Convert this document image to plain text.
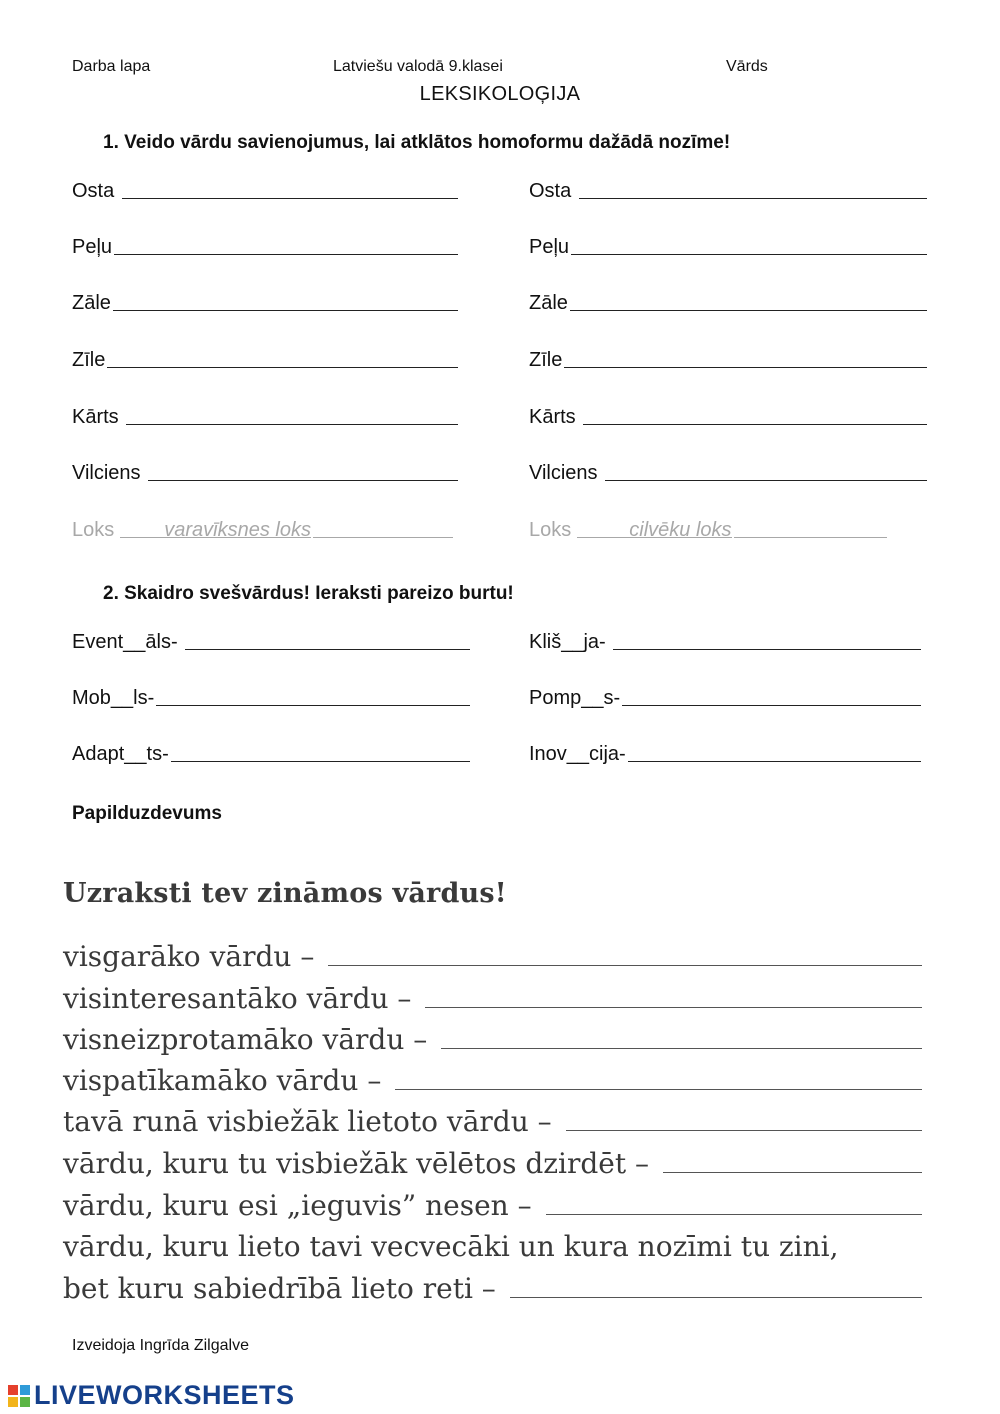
Darba lapa	Latviešu valodā 9.klasei	Vārds
LEKSIKOLOĢIJA
1. Veido vārdu savienojumus, lai atklātos homoformu dažādā nozīme!
Osta	Osta
Peļu	Peļu
Zāle	Zāle
Zīle	Zīle
Kārts	Kārts
Vilciens	Vilciens
Loks	varavīksnes loks	Loks	cilvēku loks
2. Skaidro svešvārdus! Ieraksti pareizo burtu!
Event__āls-	Kliš__ja-
Mob__ls-	Pomp__s-
Adapt__ts-	Inov__cija-
Papilduzdevums
Uzraksti tev zināmos vārdus!
visgarāko vārdu –
visinteresantāko vārdu –
visneizprotamāko vārdu –
vispatīkamāko vārdu –
tavā runā visbiežāk lietoto vārdu –
vārdu, kuru tu visbiežāk vēlētos dzirdēt –
vārdu, kuru esi „ieguvis” nesen –
vārdu, kuru lieto tavi vecvecāki un kura nozīmi tu zini,
bet kuru sabiedrībā lieto reti –
Izveidoja Ingrīda Zilgalve
LIVEWORKSHEETS
